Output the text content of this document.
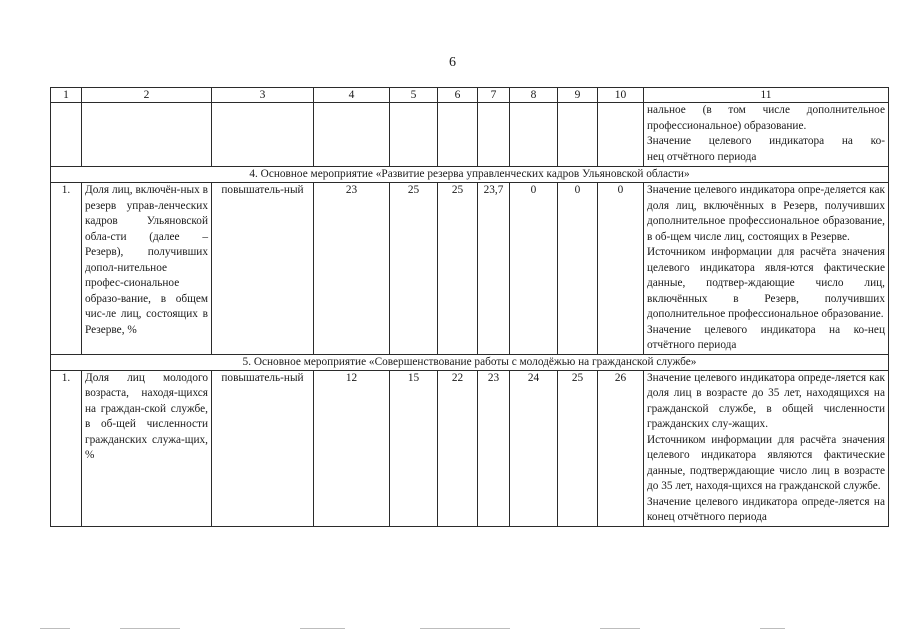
6
1	2	3	4	5	6	7	8	9	10	11

										нальное (в том числе дополнительное
профессиональное) образование.
Значение целевого индикатора на ко-
нец отчётного периода

4. Основное мероприятие «Развитие резерва управленческих кадров Ульяновской области»										
1.	Доля лиц, включён-ных в резерв управ-ленческих кадров Ульяновской обла-сти (далее – Резерв), получивших допол-нительное профес-сиональное образо-вание, в общем чис-ле лиц, состоящих в Резерве, %	повышатель-ный	23	25	25	23,7	0	0	0	Значение целевого индикатора опре-деляется как доля лиц, включённых в Резерв, получивших дополнительное профессиональное образование, в об-щем числе лиц, состоящих в Резерве.

Источником информации для расчёта значения целевого индикатора явля-ются фактические данные, подтвер-ждающие число лиц, включённых в Резерв, получивших дополнительное профессиональное образование.

Значение целевого индикатора на ко-нец отчётного периода

5. Основное мероприятие «Совершенствование работы с молодёжью на гражданской службе»										
1.	Доля лиц молодого возраста, находя-щихся на граждан-ской службе, в об-щей численности гражданских служа-щих, %	повышатель-ный	12	15	22	23	24	25	26	Значение целевого индикатора опреде-ляется как доля лиц в возрасте до 35 лет, находящихся на гражданской службе, в общей численности гражданских слу-жащих.

Источником информации для расчёта значения целевого индикатора являются фактические данные, подтверждающие число лиц в возрасте до 35 лет, находя-щихся на гражданской службе.

Значение целевого индикатора опреде-ляется на конец отчётного периода
